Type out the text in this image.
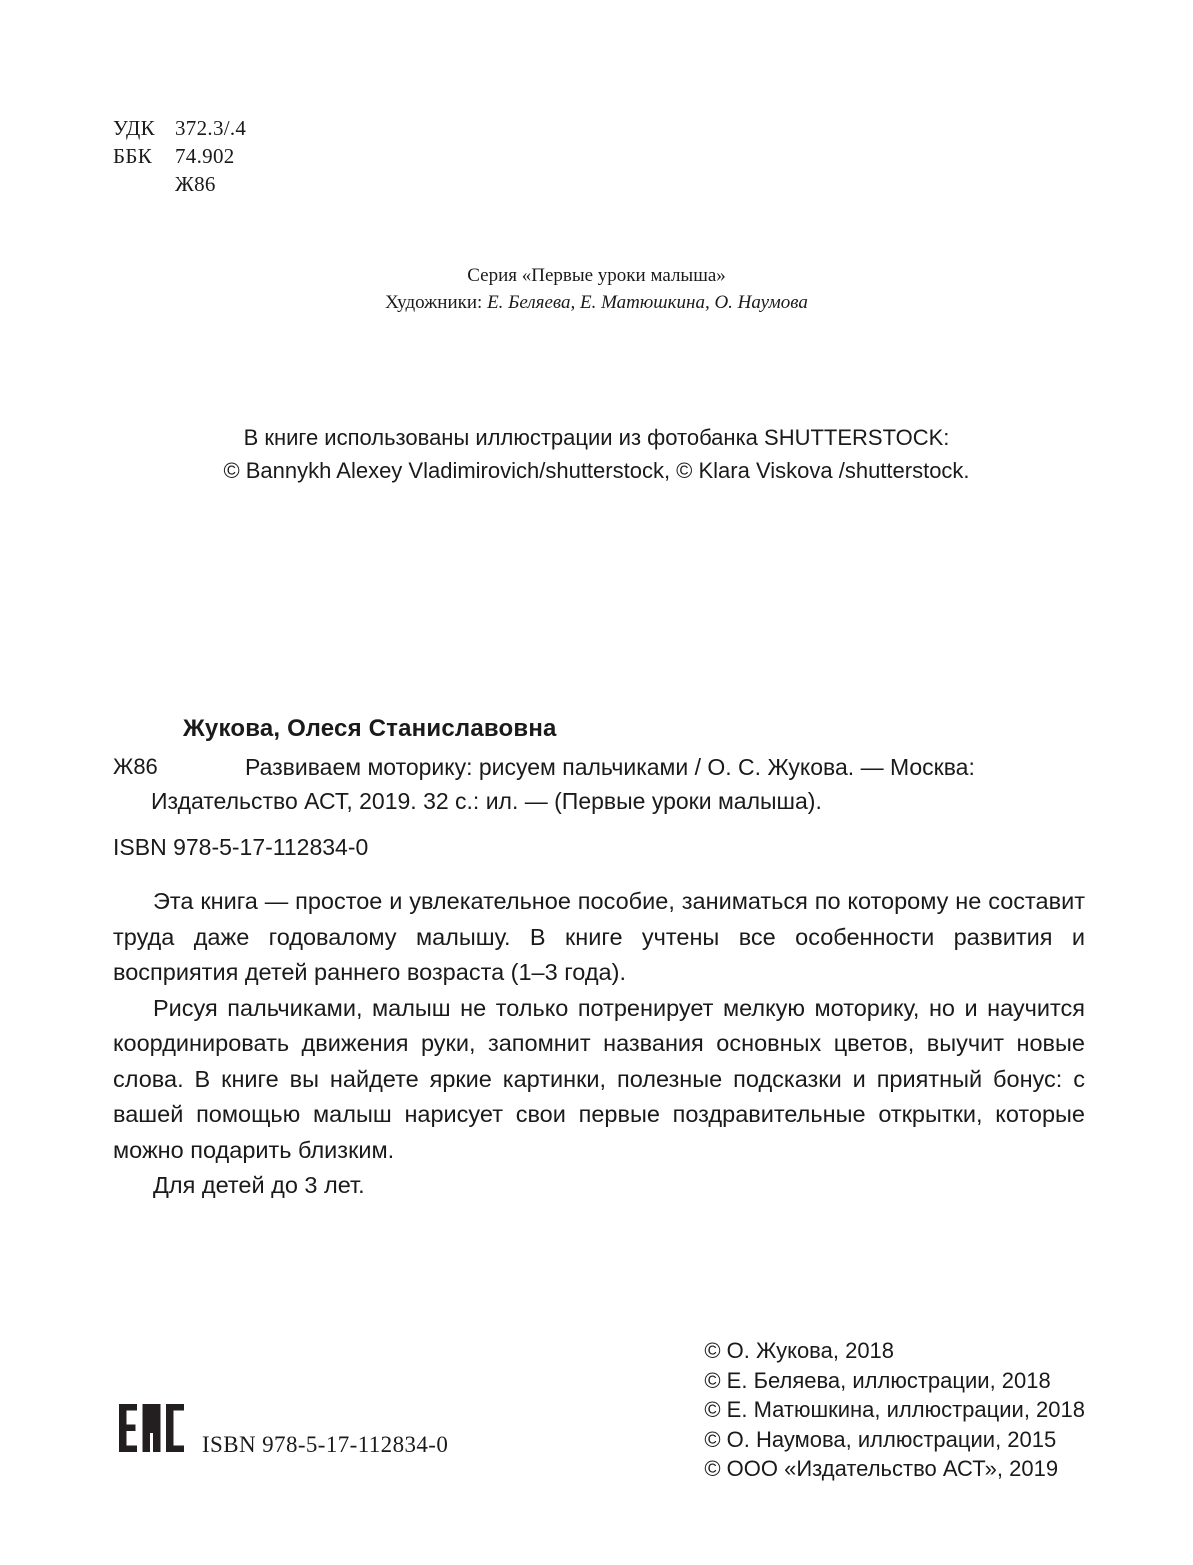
УДК 372.3/.4
ББК	74.902
Ж86
Серия «Первые уроки малыша»
Художники: Е. Беляева, Е. Матюшкина, О. Наумова
В книге использованы иллюстрации из фотобанка SHUTTERSTOCK:
© Bannykh Alexey Vladimirovich/shutterstock, © Klara Viskova /shutterstock.
Жукова, Олеся Станиславовна
Ж86	Развиваем моторику: рисуем пальчиками / О. С. Жукова. — Москва: Издательство АСТ, 2019. 32 с.: ил. — (Первые уроки малыша).
ISBN 978-5-17-112834-0

Эта книга — простое и увлекательное пособие, заниматься по которому не составит труда даже годовалому малышу. В книге учтены все особенности развития и восприятия детей раннего возраста (1–3 года).

Рисуя пальчиками, малыш не только потренирует мелкую моторику, но и научится координировать движения руки, запомнит названия основных цветов, выучит новые слова. В книге вы найдете яркие картинки, полезные подсказки и приятный бонус: с вашей помощью малыш нарисует свои первые поздравительные открытки, которые можно подарить близким.

Для детей до 3 лет.

© О. Жукова, 2018
© Е. Беляева, иллюстрации, 2018
© Е. Матюшкина, иллюстрации, 2018
© О. Наумова, иллюстрации, 2015
© ООО «Издательство АСТ», 2019
ISBN 978-5-17-112834-0
